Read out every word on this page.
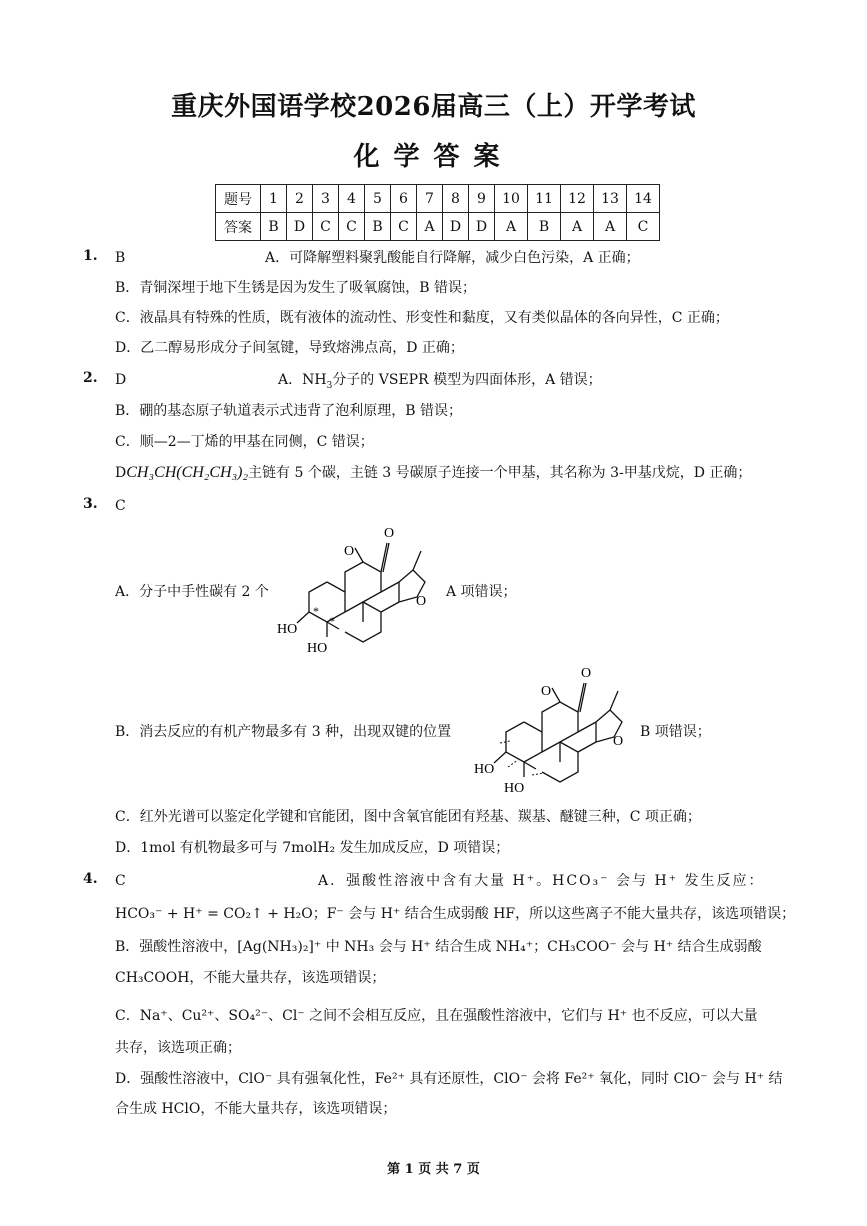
重庆外国语学校2026届高三（上）开学考试
化学答案
题号	1	2	3	4	5	6	7	8	9	10	11	12	13	14
答案	B	D	C	C	B	C	A	D	D	A	B	A	A	C
1. B	A．可降解塑料聚乳酸能自行降解，减少白色污染，A 正确；
B．青铜深埋于地下生锈是因为发生了吸氧腐蚀，B 错误；
C．液晶具有特殊的性质，既有液体的流动性、形变性和黏度，又有类似晶体的各向异性，C 正确；
D．乙二醇易形成分子间氢键，导致熔沸点高，D 正确；
2. D	A．$NH_3$分子的 VSEPR 模型为四面体形，A 错误；
B．硼的基态原子轨道表示式违背了泡利原理，B 错误；
C．顺—2—丁烯的甲基在同侧，C 错误；
DCH₃CH(CH₂CH₃)₂主链有 5 个碳，主链 3 号碳原子连接一个甲基，其名称为 3-甲基戊烷，D 正确；
3. C
A．分子中手性碳有 2 个	A 项错误；
O
O
O
HO
HO
*
*
B．消去反应的有机产物最多有 3 种，出现双键的位置	B 项错误；
O
O
O
HO
HO
C．红外光谱可以鉴定化学键和官能团，图中含氧官能团有羟基、羰基、醚键三种，C 项正确；
D．1mol 有机物最多可与 7molH₂ 发生加成反应，D 项错误；
4. C	A．强酸性溶液中含有大量 H⁺。HCO₃⁻ 会与 H⁺ 发生反应：
HCO₃⁻ + H⁺ = CO₂↑ + H₂O；F⁻ 会与 H⁺ 结合生成弱酸 HF，所以这些离子不能大量共存，该选项错误；
B．强酸性溶液中，[Ag(NH₃)₂]⁺ 中 NH₃ 会与 H⁺ 结合生成 NH₄⁺；CH₃COO⁻ 会与 H⁺ 结合生成弱酸
CH₃COOH，不能大量共存，该选项错误；
C．Na⁺、Cu²⁺、SO₄²⁻、Cl⁻ 之间不会相互反应，且在强酸性溶液中，它们与 H⁺ 也不反应，可以大量
共存，该选项正确；
D．强酸性溶液中，ClO⁻ 具有强氧化性，Fe²⁺ 具有还原性，ClO⁻ 会将 Fe²⁺ 氧化，同时 ClO⁻ 会与 H⁺ 结
合生成 HClO，不能大量共存，该选项错误；
第 1 页 共 7 页
